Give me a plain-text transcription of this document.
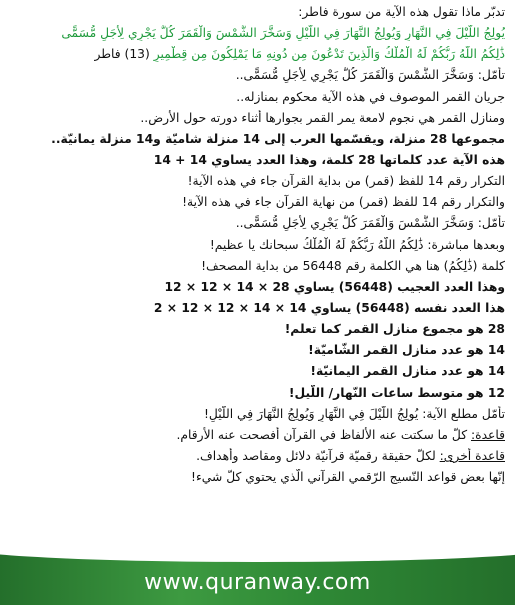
تدبّر ماذا تقول هذه الآية من سورة فاطر:
يُولِجُ اللَّيْلَ فِي النَّهَارِ وَيُولِجُ النَّهَارَ فِي اللَّيْلِ وَسَخَّرَ الشَّمْسَ وَالْقَمَرَ كُلٌّ يَجْرِي لِأَجَلٍ مُّسَمًّى
ذَٰلِكُمُ اللَّهُ رَبُّكُمْ لَهُ الْمُلْكُ وَالَّذِينَ تَدْعُونَ مِن دُونِهِ مَا يَمْلِكُونَ مِن قِطْمِيرٍ (13) فاطر
تأمّل: وَسَخَّرَ الشَّمْسَ وَالْقَمَرَ كُلٌّ يَجْرِي لِأَجَلٍ مُّسَمًّى..
جريان القمر الموصوف في هذه الآية محكوم بمنازله..
ومنازل القمر هي نجوم لامعة يمر القمر بجوارها أثناء دورته حول الأرض..
مجموعها 28 منزلة، ويقسّمها العرب إلى 14 منزلة شاميّة و14 منزلة يمانيّة..
هذه الآية عدد كلماتها 28 كلمة، وهذا العدد يساوي 14 + 14
التكرار رقم 14 للفظ (قمر) من بداية القرآن جاء في هذه الآية!
والتكرار رقم 14 للفظ (قمر) من نهاية القرآن جاء في هذه الآية!
تأمّل: وَسَخَّرَ الشَّمْسَ وَالْقَمَرَ كُلٌّ يَجْرِي لِأَجَلٍ مُّسَمًّى..
وبعدها مباشرة: ذَٰلِكُمُ اللَّهُ رَبُّكُمْ لَهُ الْمُلْكُ سبحانك يا عظيم!
كلمة (ذَٰلِكُمُ) هنا هي الكلمة رقم 56448 من بداية المصحف!
وهذا العدد العجيب (56448) يساوي 28 × 14 × 12 × 12
هذا العدد نفسه (56448) يساوي 14 × 14 × 12 × 12 × 2
28 هو مجموع منازل القمر كما تعلم!
14 هو عدد منازل القمر الشّاميّة!
14 هو عدد منازل القمر اليمانيّة!
12 هو متوسط ساعات النّهار/ اللّيل!
تأمّل مطلع الآية: يُولِجُ اللَّيْلَ فِي النَّهَارِ وَيُولِجُ النَّهَارَ فِي اللَّيْلِ!
قاعدة: كلّ ما سكتت عنه الألفاظ في القرآن أفصحت عنه الأرقام.
قاعدة أخرى: لكلّ حقيقة رقميّة قرآنيّة دلائل ومقاصد وأهداف.
إنّها بعض قواعد النّسيج الرّقمي القرآني الّذي يحتوي كلّ شيء!
www.quranway.com
